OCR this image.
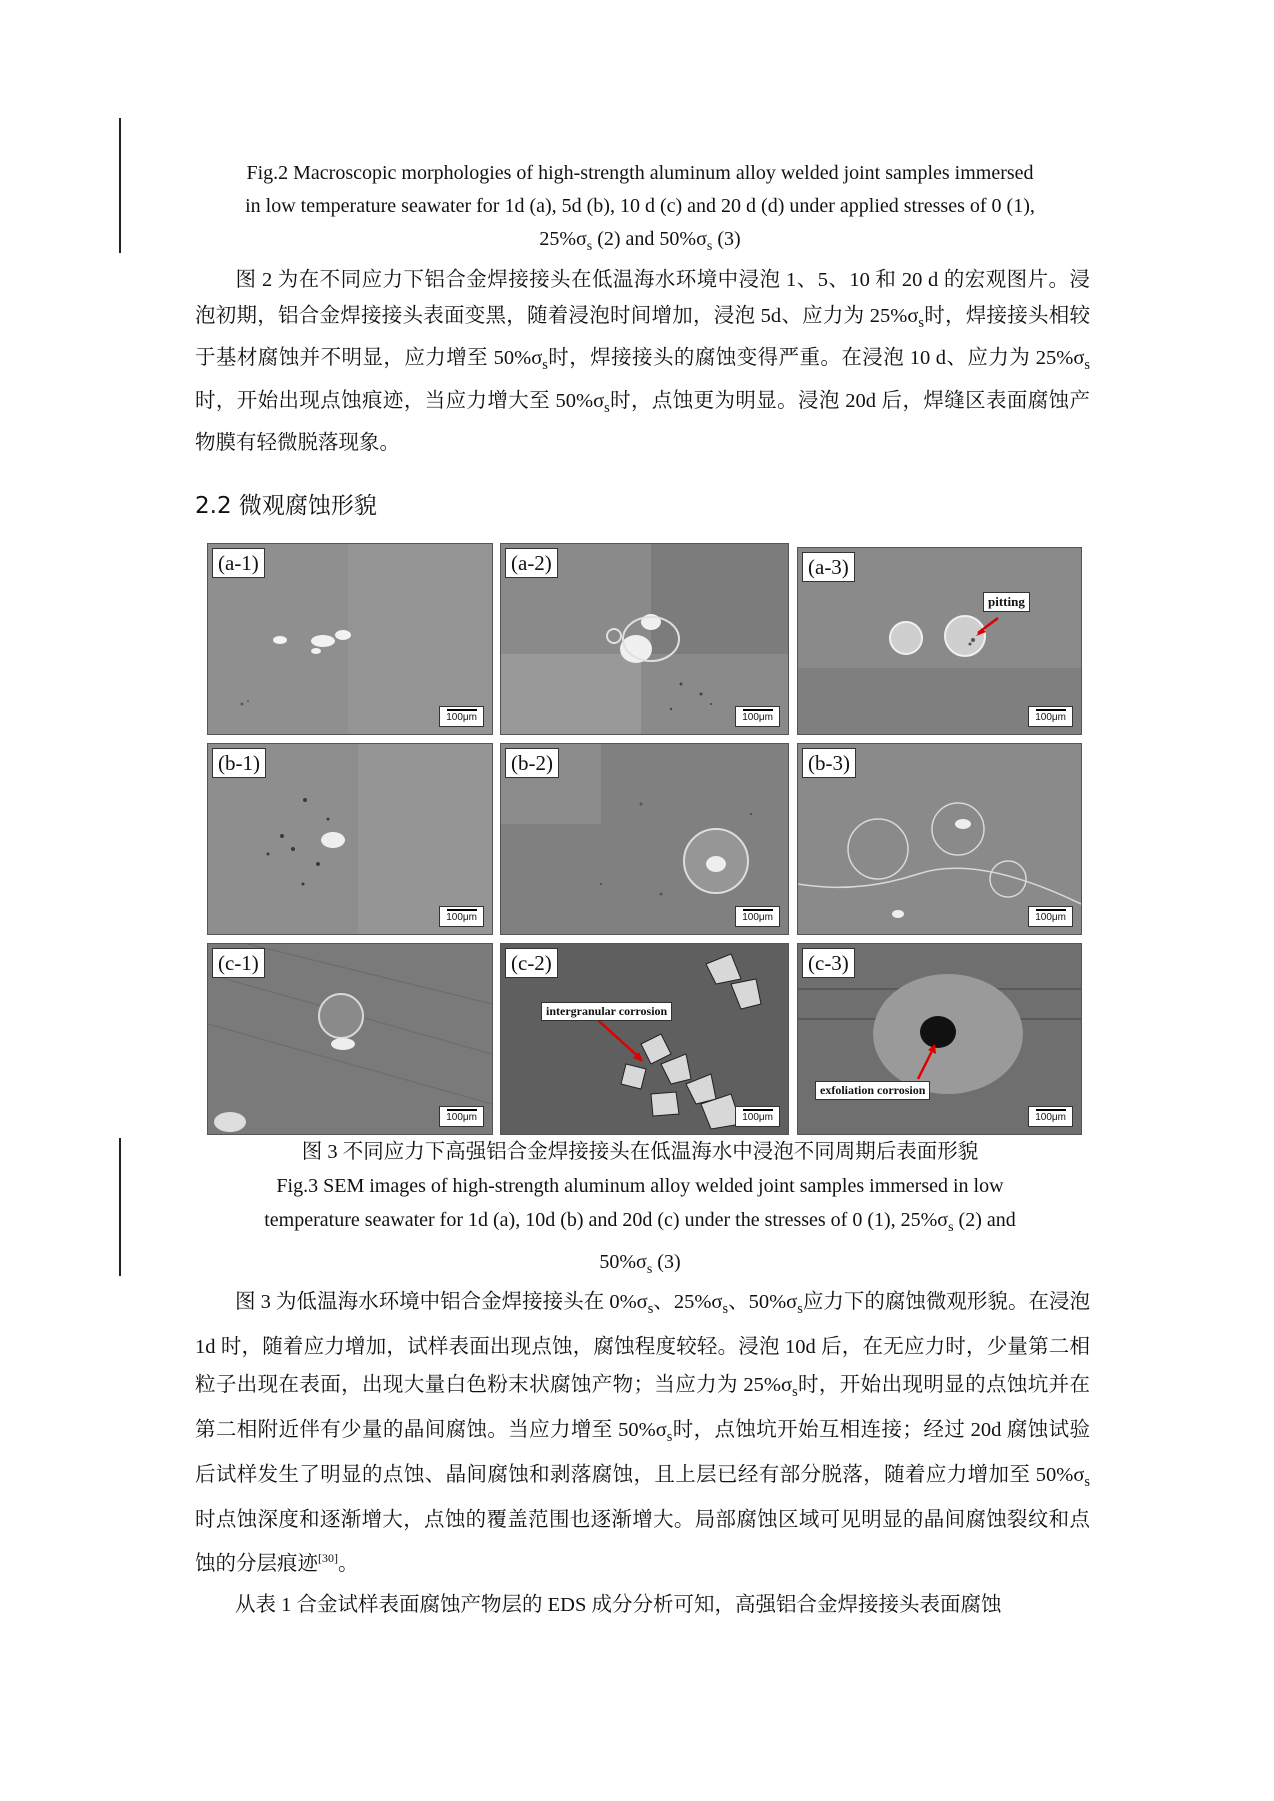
Fig.2 Macroscopic morphologies of high-strength aluminum alloy welded joint samples immersed
in low temperature seawater for 1d (a), 5d (b), 10 d (c) and 20 d (d) under applied stresses of 0 (1),
$25\%\sigma_s$ (2) and $50\%\sigma_s$ (3)
图 2 为在不同应力下铝合金焊接接头在低温海水环境中浸泡 1、5、10 和 20 d 的宏观图片。浸泡初期，铝合金焊接接头表面变黑，随着浸泡时间增加，浸泡 5d、应力为 $25\%\sigma_s$时，焊接接头相较于基材腐蚀并不明显，应力增至 $50\%\sigma_s$时，焊接接头的腐蚀变得严重。在浸泡 10 d、应力为 $25\%\sigma_s$时，开始出现点蚀痕迹，当应力增大至 $50\%\sigma_s$时，点蚀更为明显。浸泡 20d 后，焊缝区表面腐蚀产物膜有轻微脱落现象。
2.2 微观腐蚀形貌
(a-1)
100μm
(a-2)
100μm
(a-3)
pitting
100μm
(b-1)
100μm
(b-2)
100μm
(b-3)
100μm
(c-1)
100μm
(c-2)
intergranular corrosion
100μm
(c-3)
exfoliation corrosion
100μm
图 3 不同应力下高强铝合金焊接接头在低温海水中浸泡不同周期后表面形貌
Fig.3 SEM images of high-strength aluminum alloy welded joint samples immersed in low
temperature seawater for 1d (a), 10d (b) and 20d (c) under the stresses of 0 (1), $25\%\sigma_s$ (2) and
$50\%\sigma_s$ (3)
图 3 为低温海水环境中铝合金焊接接头在 $0\%\sigma_s$、$25\%\sigma_s$、$50\%\sigma_s$应力下的腐蚀微观形貌。在浸泡 1d 时，随着应力增加，试样表面出现点蚀，腐蚀程度较轻。浸泡 10d 后，在无应力时，少量第二相粒子出现在表面，出现大量白色粉末状腐蚀产物；当应力为 $25\%\sigma_s$时，开始出现明显的点蚀坑并在第二相附近伴有少量的晶间腐蚀。当应力增至 $50\%\sigma_s$时，点蚀坑开始互相连接；经过 20d 腐蚀试验后试样发生了明显的点蚀、晶间腐蚀和剥落腐蚀，且上层已经有部分脱落，随着应力增加至 $50\%\sigma_s$时点蚀深度和逐渐增大，点蚀的覆盖范围也逐渐增大。局部腐蚀区域可见明显的晶间腐蚀裂纹和点蚀的分层痕迹[30]。
从表 1 合金试样表面腐蚀产物层的 EDS 成分分析可知，高强铝合金焊接接头表面腐蚀
